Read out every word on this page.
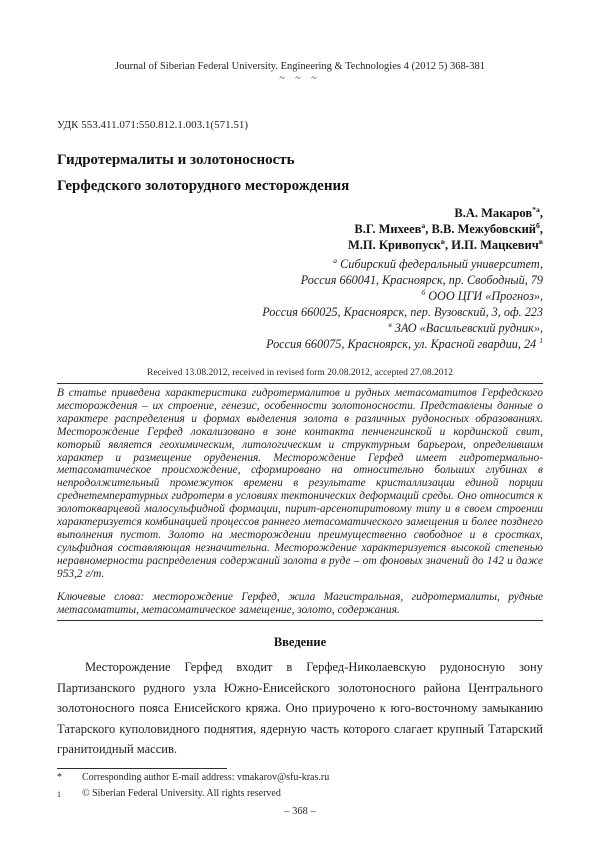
Journal of Siberian Federal University. Engineering & Technologies 4 (2012 5) 368-381
~ ~ ~
УДК 553.411.071:550.812.1.003.1(571.51)
Гидротермалиты и золотоносность
Герфедского золоторудного месторождения
В.А. Макаров$^{*а}$,
В.Г. Михеев$^а$, В.В. Межубовский$^б$,
М.П. Кривопуск$^в$, И.П. Мацкевич$^в$
$^а$ Сибирский федеральный университет,
Россия 660041, Красноярск, пр. Свободный, 79
$^б$ ООО ЦГИ «Прогноз»,
Россия 660025, Красноярск, пер. Вузовский, 3, оф. 223
$^в$ ЗАО «Васильевский рудник»,
Россия 660075, Красноярск, ул. Красной гвардии, 24 $^1$
Received 13.08.2012, received in revised form 20.08.2012, accepted 27.08.2012

В статье приведена характеристика гидротермалитов и рудных метасоматитов Герфедского месторождения – их строение, генезис, особенности золотоносности. Представлены данные о характере распределения и формах выделения золота в различных рудоносных образованиях. Месторождение Герфед локализовано в зоне контакта пенченгинской и кординской свит, который является геохимическим, литологическим и структурным барьером, определившим характер и размещение оруденения. Месторождение Герфед имеет гидротермально-метасоматическое происхождение, сформировано на относительно больших глубинах в непродолжительный промежуток времени в результате кристаллизации единой порции среднетемпературных гидротерм в условиях тектонических деформаций среды. Оно относится к золотокварцевой малосульфидной формации, пирит-арсенопиритовому типу и в своем строении характеризуется комбинацией процессов раннего метасоматического замещения и более позднего выполнения пустот. Золото на месторождении преимущественно свободное и в сростках, сульфидная составляющая незначительна. Месторождение характеризуется высокой степенью неравномерности распределения содержаний золота в руде – от фоновых значений до 142 и даже 953,2 г/т.

Ключевые слова: месторождение Герфед, жила Магистральная, гидротермалиты, рудные метасоматиты, метасоматическое замещение, золото, содержания.

Введение

Месторождение Герфед входит в Герфед-Николаевскую рудоносную зону Партизанского рудного узла Южно-Енисейского золотоносного района Центрального золотоносного пояса Енисейского кряжа. Оно приурочено к юго-восточному замыканию Татарского куполовидного поднятия, ядерную часть которого слагает крупный Татарский гранитоидный массив.

*	Corresponding author E-mail address: vmakarov@sfu-kras.ru
1	© Siberian Federal University. All rights reserved
– 368 –
